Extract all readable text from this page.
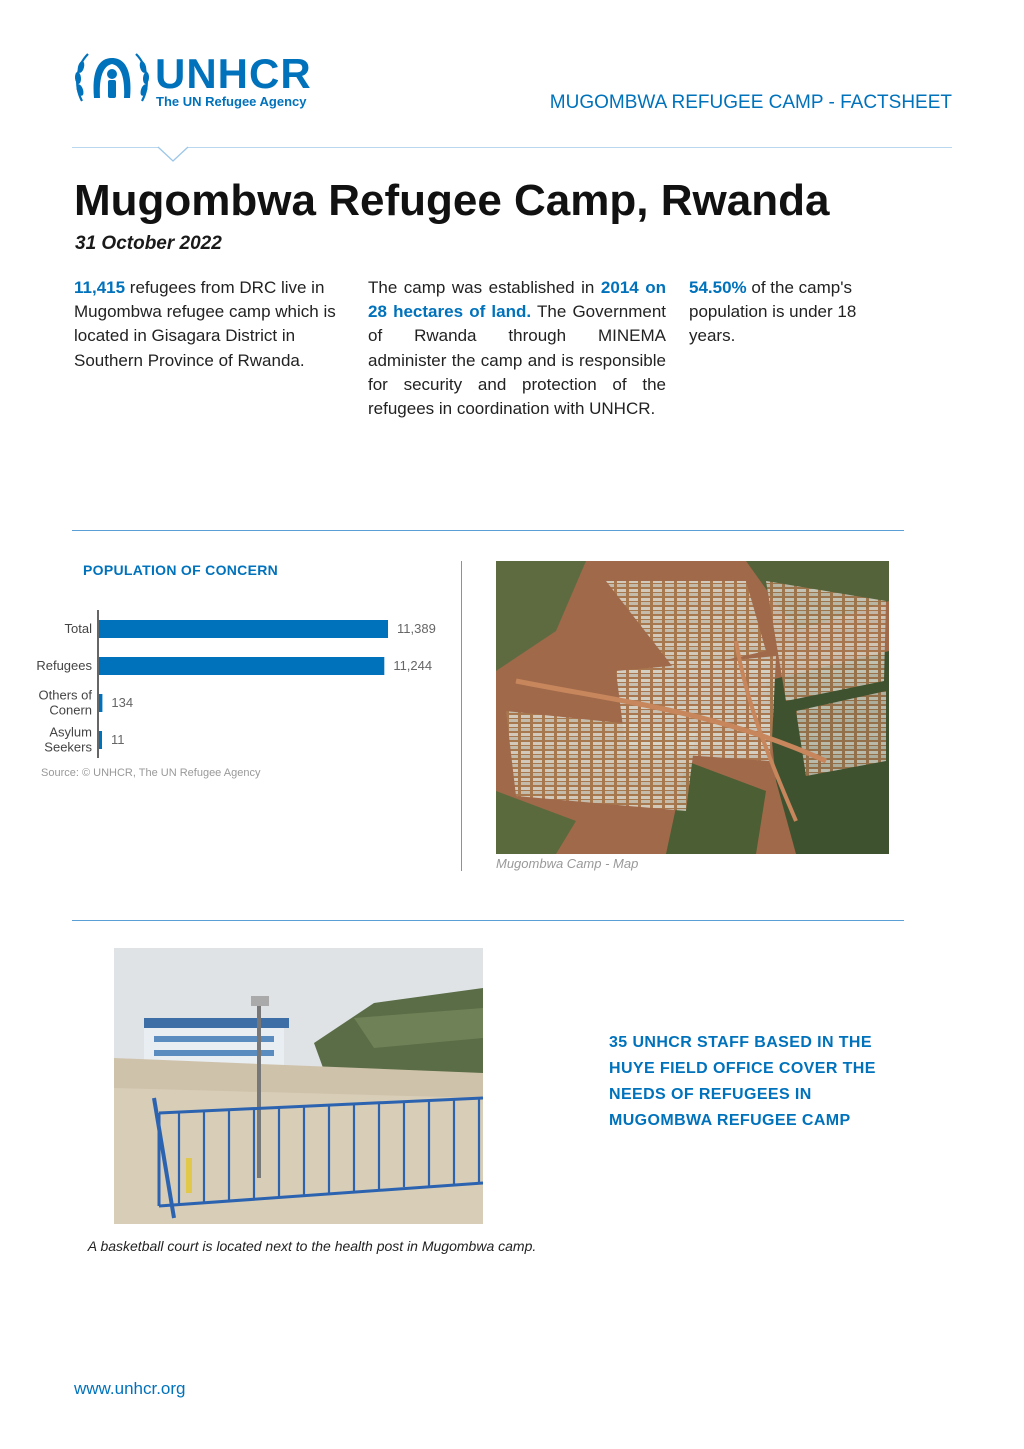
UNHCR
The UN Refugee Agency	MUGOMBWA REFUGEE CAMP - FACTSHEET
Mugombwa Refugee Camp, Rwanda
31 October 2022
11,415 refugees from DRC live in Mugombwa refugee camp which is located in Gisagara District in Southern Province of Rwanda.
The camp was established in 2014 on 28 hectares of land. The Government of Rwanda through MINEMA administer the camp and is responsible for security and protection of the refugees in coordination with UNHCR.
54.50% of the camp's population is under 18 years.
POPULATION OF CONCERN
11,389
Total
11,244
Refugees
134
Others of Conern
11
Asylum Seekers
Source: © UNHCR, The UN Refugee Agency
Mugombwa Camp - Map
A basketball court is located next to the health post in Mugombwa camp.
35 UNHCR STAFF BASED IN THE HUYE FIELD OFFICE COVER THE NEEDS OF REFUGEES IN MUGOMBWA REFUGEE CAMP
www.unhcr.org
